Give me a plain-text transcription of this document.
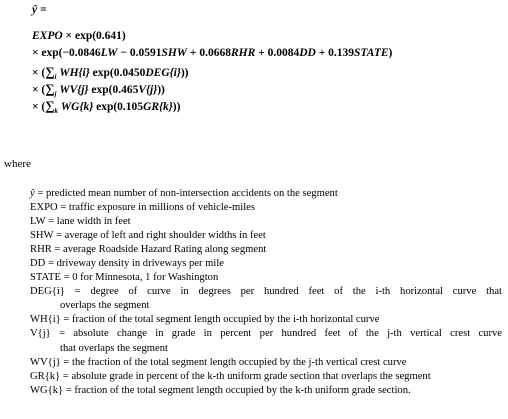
ŷ =
EXPO × exp(0.641)
× exp(−0.0846LW − 0.0591SHW + 0.0668RHR + 0.0084DD + 0.139STATE)
× ($\sum_i$ WH{i} exp(0.0450DEG{i}))
× ($\sum_j$ WV{j} exp(0.465V{j}))
× ($\sum_k$ WG{k} exp(0.105GR{k}))
where
ŷ = predicted mean number of non-intersection accidents on the segment
EXPO = traffic exposure in millions of vehicle-miles
LW = lane width in feet
SHW = average of left and right shoulder widths in feet
RHR = average Roadside Hazard Rating along segment
DD = driveway density in driveways per mile
STATE = 0 for Minnesota, 1 for Washington
DEG{i} = degree of curve in degrees per hundred feet of the i-th horizontal curve that
overlaps the segment
WH{i} = fraction of the total segment length occupied by the i-th horizontal curve
V{j} = absolute change in grade in percent per hundred feet of the j-th vertical crest curve
that overlaps the segment
WV{j} = the fraction of the total segment length occupied by the j-th vertical crest curve
GR{k} = absolute grade in percent of the k-th uniform grade section that overlaps the segment
WG{k} = fraction of the total segment length occupied by the k-th uniform grade section.
